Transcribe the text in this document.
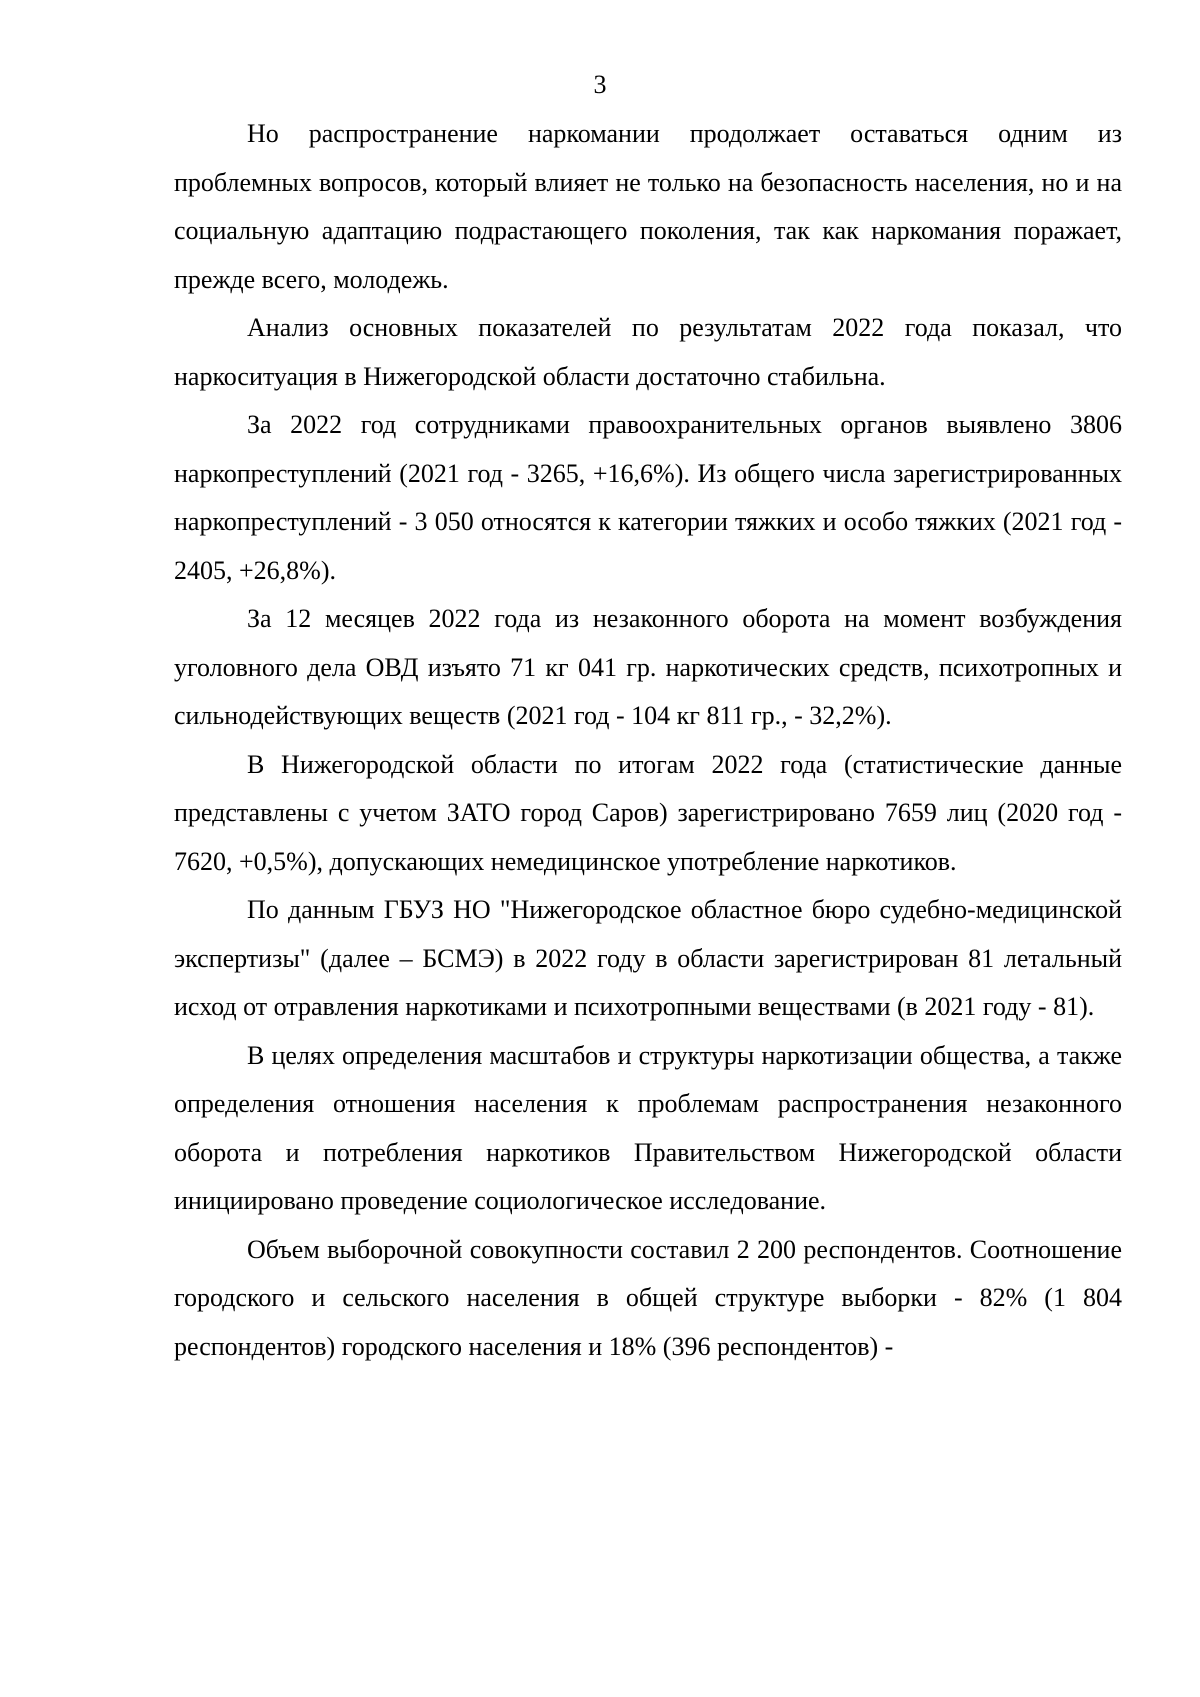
3

Но распространение наркомании продолжает оставаться одним из проблемных вопросов, который влияет не только на безопасность населения, но и на социальную адаптацию подрастающего поколения, так как наркомания поражает, прежде всего, молодежь.

Анализ основных показателей по результатам 2022 года показал, что наркоситуация в Нижегородской области достаточно стабильна.

За 2022 год сотрудниками правоохранительных органов выявлено 3806 наркопреступлений (2021 год - 3265, +16,6%). Из общего числа зарегистрированных наркопреступлений - 3 050 относятся к категории тяжких и особо тяжких (2021 год - 2405, +26,8%).

За 12 месяцев 2022 года из незаконного оборота на момент возбуждения уголовного дела ОВД изъято 71 кг 041 гр. наркотических средств, психотропных и сильнодействующих веществ (2021 год - 104 кг 811 гр., - 32,2%).

В Нижегородской области по итогам 2022 года (статистические данные представлены с учетом ЗАТО город Саров) зарегистрировано 7659 лиц (2020 год - 7620, +0,5%), допускающих немедицинское употребление наркотиков.

По данным ГБУЗ НО "Нижегородское областное бюро судебно-медицинской экспертизы" (далее – БСМЭ) в 2022 году в области зарегистрирован 81 летальный исход от отравления наркотиками и психотропными веществами (в 2021 году - 81).

В целях определения масштабов и структуры наркотизации общества, а также определения отношения населения к проблемам распространения незаконного оборота и потребления наркотиков Правительством Нижегородской области инициировано проведение социологическое исследование.

Объем выборочной совокупности составил 2 200 респондентов. Соотношение городского и сельского населения в общей структуре выборки - 82% (1 804 респондентов) городского населения и 18% (396 респондентов) -
